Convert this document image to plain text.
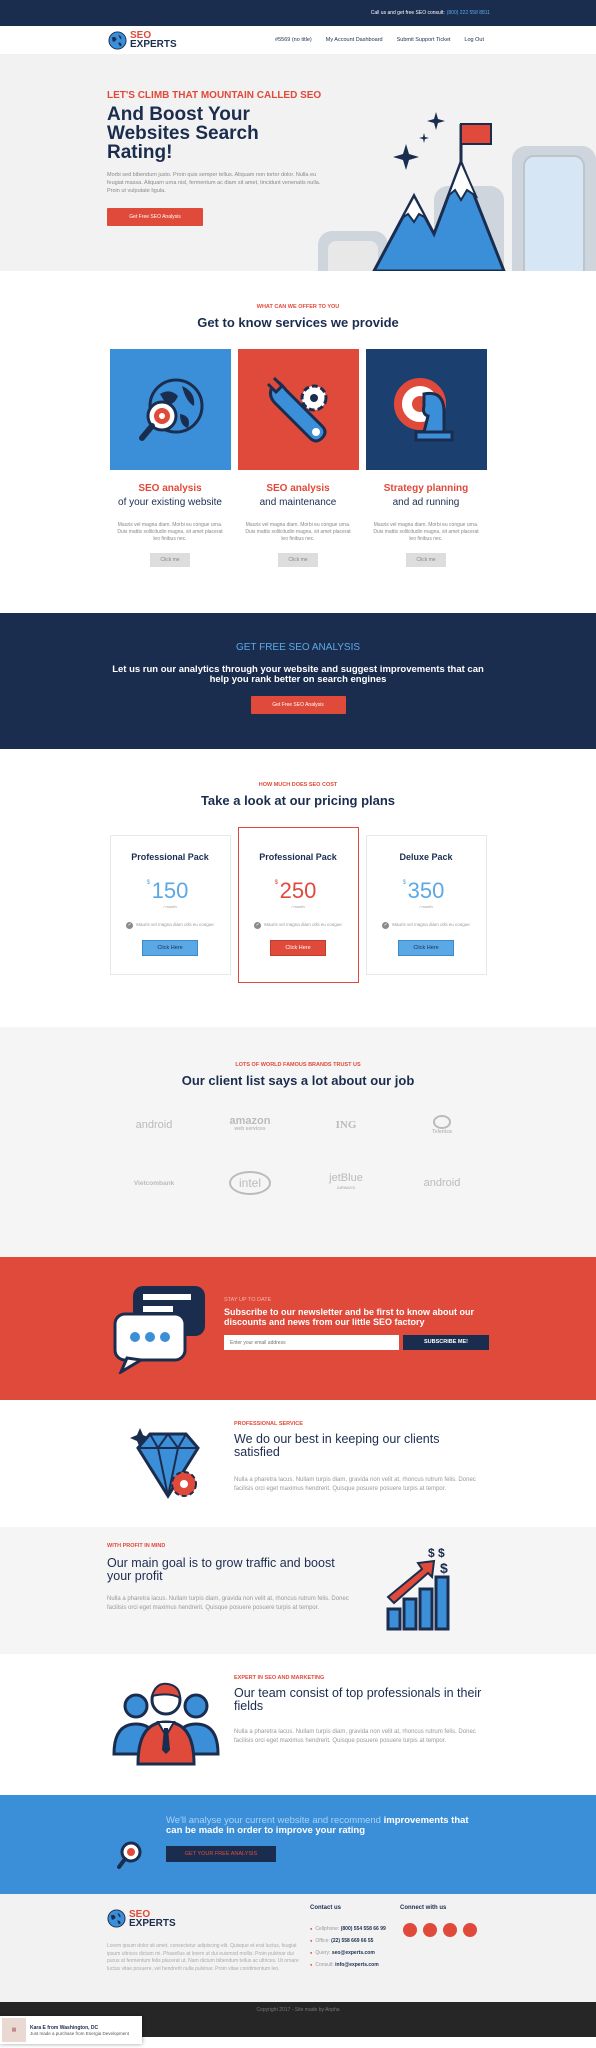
Call us and get free SEO consult: (800) 222 558 8811
SEO
EXPERTS	#5569 (no title)	My Account Dashboard	Submit Support Ticket	Log Out
LET'S CLIMB THAT MOUNTAIN CALLED SEO
And Boost Your Websites Search Rating!

Morbi sed bibendum justo. Proin quis semper tellus. Aliquam non tortor dolor. Nulla eu feugiat massa. Aliquam urna nisl, fermentum ac diam sit amet, tincidunt venenatis nulla. Proin ut vulputate ligula.

Get Free SEO Analysis
WHAT CAN WE OFFER TO YOU
Get to know services we provide
SEO analysis
of your existing website
Mauris vel magna diam. Morbi eu congue urna. Duis mattis sollicitudin magna, sit amet placerat leo finibus nec.
Click me
SEO analysis
and maintenance
Mauris vel magna diam. Morbi eu congue urna. Duis mattis sollicitudin magna, sit amet placerat leo finibus nec.
Click me
Strategy planning
and ad running
Mauris vel magna diam. Morbi eu congue urna. Duis mattis sollicitudin magna, sit amet placerat leo finibus nec.
Click me
GET FREE SEO ANALYSIS
Let us run our analytics through your website and suggest improvements that can help you rank better on search engines
Get Free SEO Analysis
HOW MUCH DOES SEO COST
Take a look at our pricing plans
Professional Pack
$ 150
/ month
✓ Mauris vel magna diam orbi eu congue
Click Here
Professional Pack
$ 250
/ month
✓ Mauris vel magna diam orbi eu congue
Click Here
Deluxe Pack
$ 350
/ month
✓ Mauris vel magna diam orbi eu congue
Click Here
LOTS OF WORLD FAMOUS BRANDS TRUST US
Our client list says a lot about our job
android	amazon
web services	ING
Telenica
Vietcombank	intel	jetBlue
AIRWAYS	android
STAY UP TO DATE
Subscribe to our newsletter and be first to know about our discounts and news from our little SEO factory
Enter your email address
SUBSCRIBE ME!
PROFESSIONAL SERVICE
We do our best in keeping our clients satisfied
Nulla a pharetra lacus. Nullam turpis diam, gravida non velit at, rhoncus rutrum felis. Donec facilisis orci eget maximus hendrerit. Quisque posuere posuere turpis at tempor.
WITH PROFIT IN MIND
Our main goal is to grow traffic and boost your profit
Nulla a pharetra lacus. Nullam turpis diam, gravida non velit at, rhoncus rutrum felis. Donec facilisis orci eget maximus hendrerit. Quisque posuere posuere turpis at tempor.
$ $
$
EXPERT IN SEO AND MARKETING
Our team consist of top professionals in their fields
Nulla a pharetra lacus. Nullam turpis diam, gravida non velit at, rhoncus rutrum felis. Donec facilisis orci eget maximus hendrerit. Quisque posuere posuere turpis at tempor.
We'll analyse your current website and recommend improvements that can be made in order to improve your rating
GET YOUR FREE ANALYSIS
SEO
EXPERTS
Lorem ipsum dolor sit amet, consectetur adipiscing elit. Quisque et erat luctus, feugiat ipsum ultrices dictum mi. Phasellus at lorem ut dui euismod mollis. Proin pulvinar dui purus at fermentum felis placerat ut. Nam dictum bibendum tellus ac ultrices. Ut ornare luctus vitae posuere, vel hendrerit nulla pulvinar. Proin vitae condimentum leo.
Contact us
● Cellphone: (800) 554 558 66 99
● Office: (22) 558 669 66 55
● Query: seo@experts.com
● Consult: info@experts.com
Connect with us
Copyright 2017 - Site made by Anpha
▦	Kara E from Washington, DC
Just made a purchase from Energia Development
